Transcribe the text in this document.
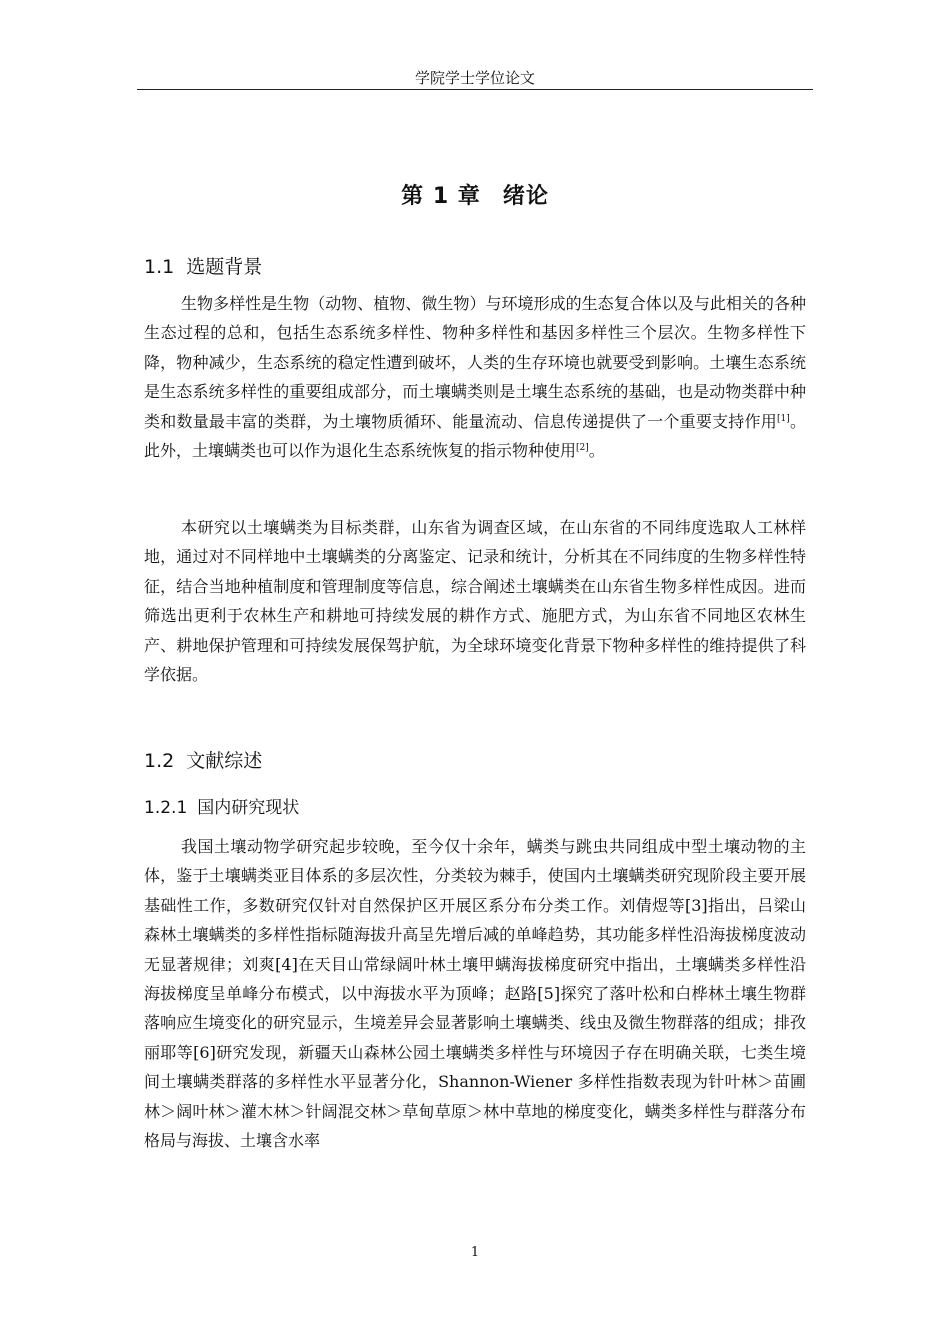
学院学士学位论文
第 1 章 绪论
1.1 选题背景

生物多样性是生物（动物、植物、微生物）与环境形成的生态复合体以及与此相关的各种生态过程的总和，包括生态系统多样性、物种多样性和基因多样性三个层次。生物多样性下降，物种减少，生态系统的稳定性遭到破坏，人类的生存环境也就要受到影响。土壤生态系统是生态系统多样性的重要组成部分，而土壤螨类则是土壤生态系统的基础，也是动物类群中种类和数量最丰富的类群，为土壤物质循环、能量流动、信息传递提供了一个重要支持作用[1]。此外，土壤螨类也可以作为退化生态系统恢复的指示物种使用[2]。

本研究以土壤螨类为目标类群，山东省为调查区域，在山东省的不同纬度选取人工林样地，通过对不同样地中土壤螨类的分离鉴定、记录和统计，分析其在不同纬度的生物多样性特征，结合当地种植制度和管理制度等信息，综合阐述土壤螨类在山东省生物多样性成因。进而筛选出更利于农林生产和耕地可持续发展的耕作方式、施肥方式，为山东省不同地区农林生产、耕地保护管理和可持续发展保驾护航，为全球环境变化背景下物种多样性的维持提供了科学依据。

1.2 文献综述
1.2.1 国内研究现状

我国土壤动物学研究起步较晚，至今仅十余年，螨类与跳虫共同组成中型土壤动物的主体，鉴于土壤螨类亚目体系的多层次性，分类较为棘手，使国内土壤螨类研究现阶段主要开展基础性工作，多数研究仅针对自然保护区开展区系分布分类工作。刘倩煜等[3]指出，吕梁山森林土壤螨类的多样性指标随海拔升高呈先增后减的单峰趋势，其功能多样性沿海拔梯度波动无显著规律；刘爽[4]在天目山常绿阔叶林土壤甲螨海拔梯度研究中指出，土壤螨类多样性沿海拔梯度呈单峰分布模式，以中海拔水平为顶峰；赵路[5]探究了落叶松和白桦林土壤生物群落响应生境变化的研究显示，生境差异会显著影响土壤螨类、线虫及微生物群落的组成；排孜丽耶等[6]研究发现，新疆天山森林公园土壤螨类多样性与环境因子存在明确关联，七类生境间土壤螨类群落的多样性水平显著分化，Shannon-Wiener 多样性指数表现为针叶林＞苗圃林＞阔叶林＞灌木林＞针阔混交林＞草甸草原＞林中草地的梯度变化，螨类多样性与群落分布格局与海拔、土壤含水率

1
